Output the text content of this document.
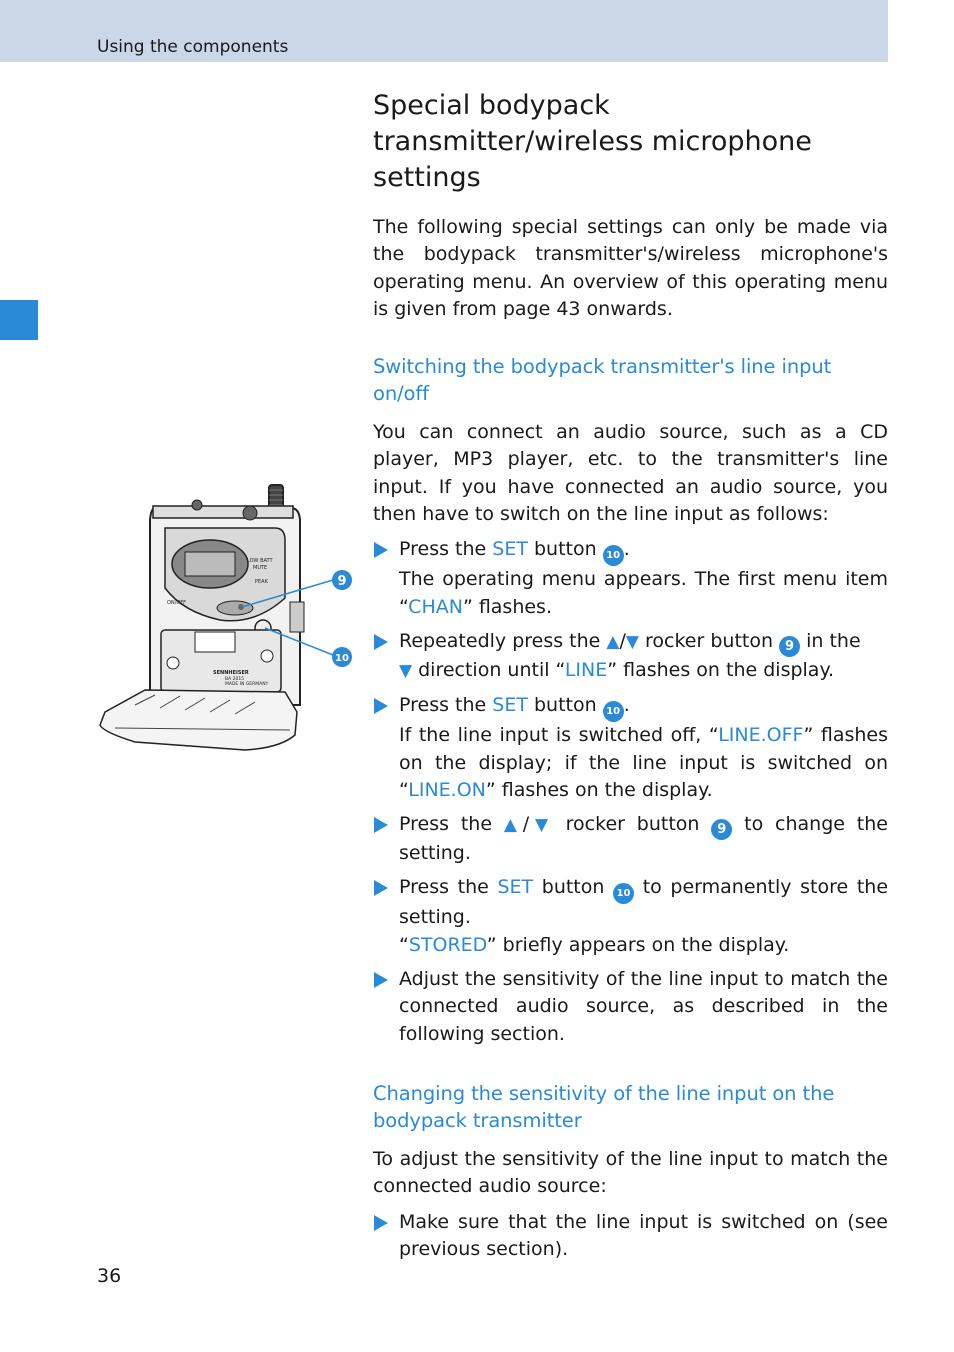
Using the components
LOW BATT
MUTE
PEAK
ON/OFF
SENNHEISER
BA 2015
MADE IN GERMANY
9
10
Special bodypack transmitter/wireless microphone settings

The following special settings can only be made via the bodypack transmitter's/wireless microphone's operating menu. An overview of this operating menu is given from page 43 onwards.

Switching the bodypack transmitter's line input on/off

You can connect an audio source, such as a CD player, MP3 player, etc. to the transmitter's line input. If you have connected an audio source, you then have to switch on the line input as follows:

Press the SET button 10 .
The operating menu appears. The first menu item “CHAN” flashes.
Repeatedly press the ▲/▼ rocker button 9 in the
▼ direction until “LINE” flashes on the display.
Press the SET button 10 .
If the line input is switched off, “LINE.OFF” flashes on the display; if the line input is switched on “LINE.ON” flashes on the display.
Press the ▲/▼ rocker button 9 to change the setting.
Press the SET button 10 to permanently store the setting.
“STORED” briefly appears on the display.
Adjust the sensitivity of the line input to match the connected audio source, as described in the following section.
Changing the sensitivity of the line input on the bodypack transmitter

To adjust the sensitivity of the line input to match the connected audio source:

Make sure that the line input is switched on (see previous section).
36
